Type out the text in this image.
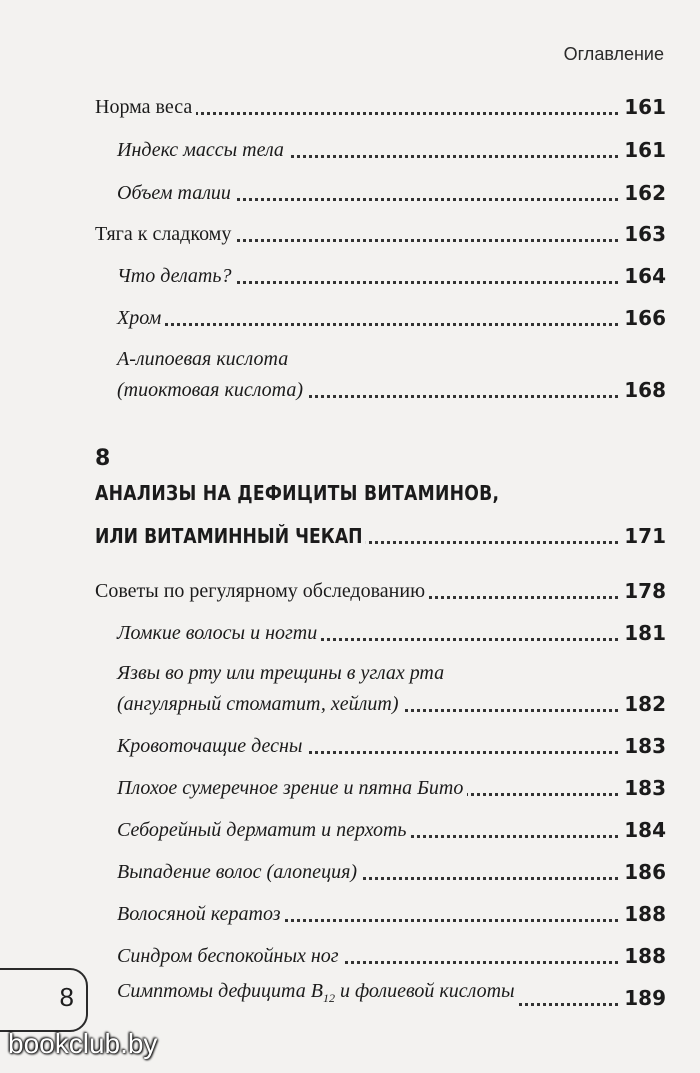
Оглавление
Норма веса	161
Индекс массы тела	161
Объем талии	162
Тяга к сладкому	163
Что делать?	164
Хром	166
А-липоевая кислота
(тиоктовая кислота)	168
8
АНАЛИЗЫ НА ДЕФИЦИТЫ ВИТАМИНОВ,
ИЛИ ВИТАМИННЫЙ ЧЕКАП	171
Советы по регулярному обследованию	178
Ломкие волосы и ногти	181
Язвы во рту или трещины в углах рта
(ангулярный стоматит, хейлит)	182
Кровоточащие десны	183
Плохое сумеречное зрение и пятна Бито	183
Себорейный дерматит и перхоть	184
Выпадение волос (алопеция)	186
Волосяной кератоз	188
Синдром беспокойных ног	188
Симптомы дефицита $В_{12}$ и фолиевой кислоты	189
8
bookclub.by
